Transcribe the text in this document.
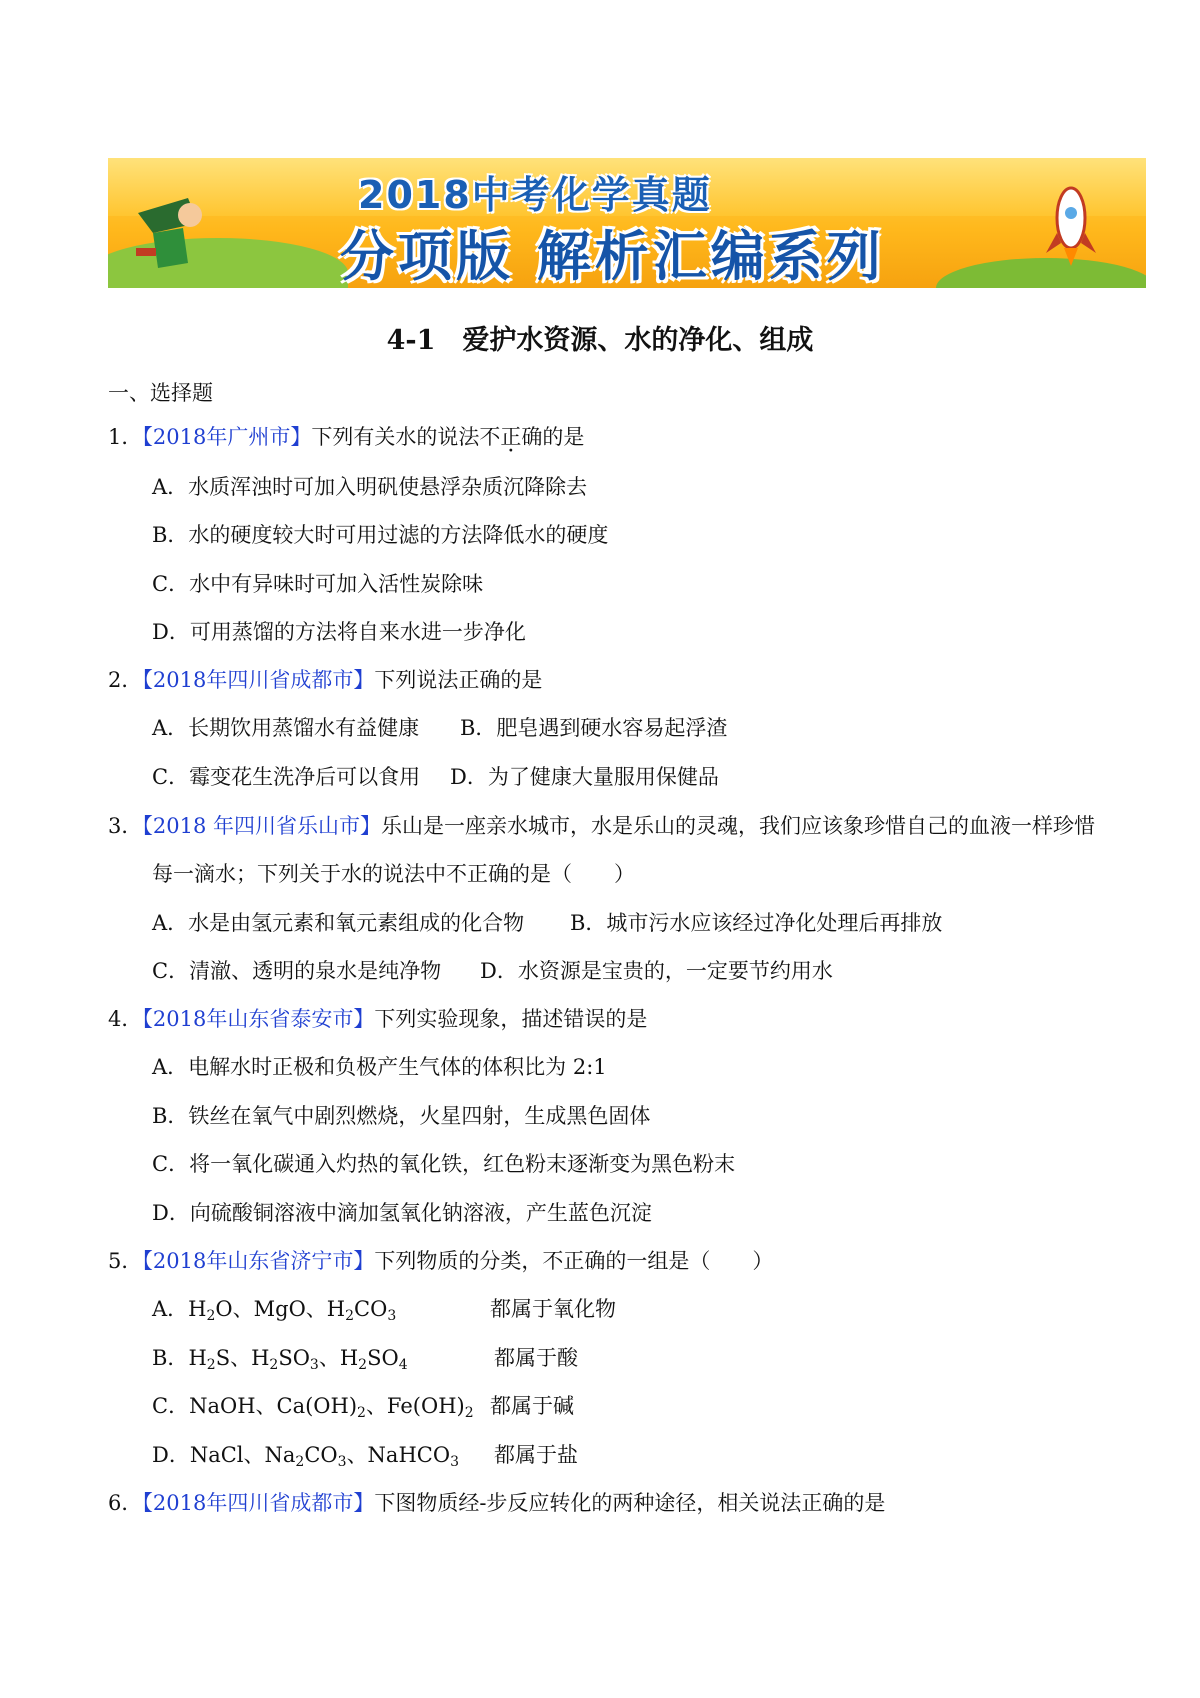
2018中考化学真题
分项版 解析汇编系列
4-1　爱护水资源、水的净化、组成
一、选择题
1．【2018年广州市】下列有关水的说法不正确的是
A．水质浑浊时可加入明矾使悬浮杂质沉降除去
B．水的硬度较大时可用过滤的方法降低水的硬度
C．水中有异味时可加入活性炭除味
D．可用蒸馏的方法将自来水进一步净化
2．【2018年四川省成都市】下列说法正确的是
A．长期饮用蒸馏水有益健康 B．肥皂遇到硬水容易起浮渣
C．霉变花生洗净后可以食用 D．为了健康大量服用保健品
3．【2018 年四川省乐山市】乐山是一座亲水城市，水是乐山的灵魂，我们应该象珍惜自己的血液一样珍惜
每一滴水；下列关于水的说法中不正确的是（　　）
A．水是由氢元素和氧元素组成的化合物 B．城市污水应该经过净化处理后再排放
C．清澈、透明的泉水是纯净物 D．水资源是宝贵的，一定要节约用水
4．【2018年山东省泰安市】下列实验现象，描述错误的是
A．电解水时正极和负极产生气体的体积比为 2:1
B．铁丝在氧气中剧烈燃烧，火星四射，生成黑色固体
C．将一氧化碳通入灼热的氧化铁，红色粉末逐渐变为黑色粉末
D．向硫酸铜溶液中滴加氢氧化钠溶液，产生蓝色沉淀
5．【2018年山东省济宁市】下列物质的分类，不正确的一组是（　　）
A．$H_2O$、MgO、$H_2CO_3$	都属于氧化物
B．$H_2S$、$H_2SO_3$、$H_2SO_4$	都属于酸
C．NaOH、$Ca(OH)_2$、$Fe(OH)_2$ 都属于碱
D．NaCl、$Na_2CO_3$、NaHCO$_3$ 都属于盐
6．【2018年四川省成都市】下图物质经-步反应转化的两种途径，相关说法正确的是
